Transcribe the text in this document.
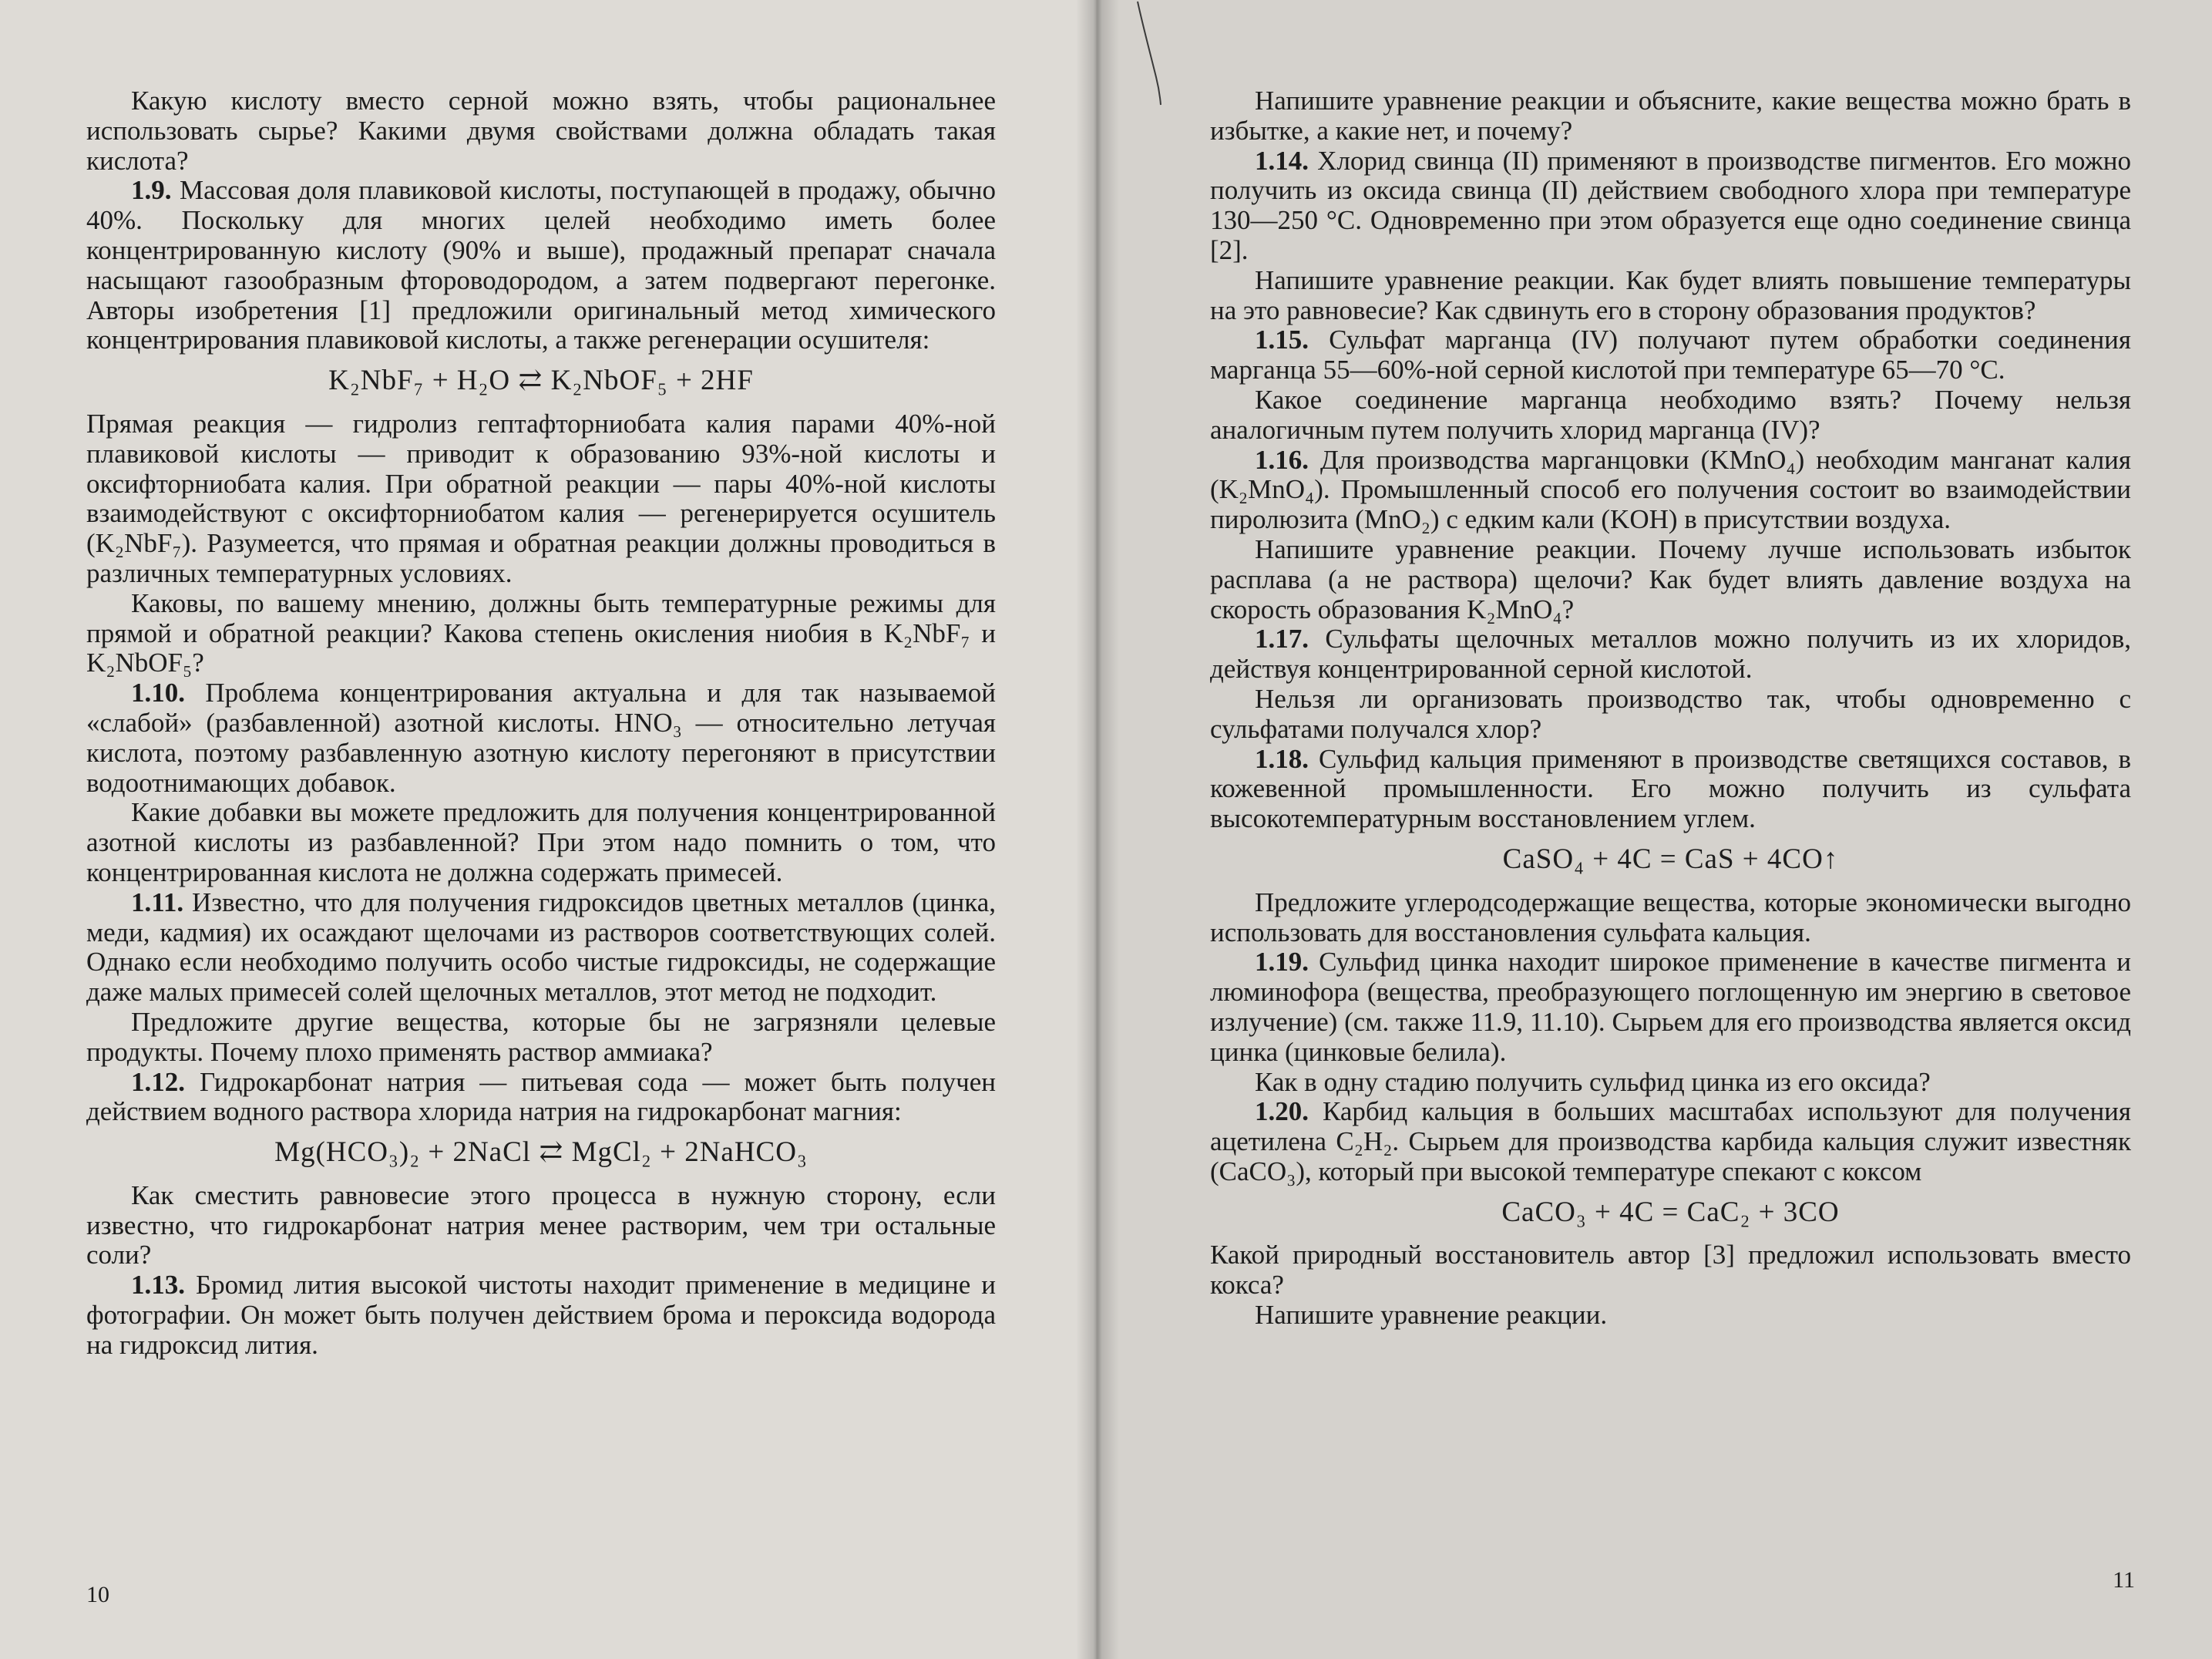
Какую кислоту вместо серной можно взять, чтобы рациональнее использовать сырье? Какими двумя свойствами должна обладать такая кислота?

1.9. Массовая доля плавиковой кислоты, поступающей в продажу, обычно 40%. Поскольку для многих целей необходимо иметь более концентрированную кислоту (90% и выше), продажный препарат сначала насыщают газообразным фтороводородом, а затем подвергают перегонке. Авторы изобретения [1] предложили оригинальный метод химического концентрирования плавиковой кислоты, а также регенерации осушителя:

K₂NbF₇ + H₂O ⇄ K₂NbOF₅ + 2HF

Прямая реакция — гидролиз гептафторниобата калия парами 40%-ной плавиковой кислоты — приводит к образованию 93%-ной кислоты и оксифторниобата калия. При обратной реакции — пары 40%-ной кислоты взаимодействуют с оксифторниобатом калия — регенерируется осушитель (K₂NbF₇). Разумеется, что прямая и обратная реакции должны проводиться в различных температурных условиях.

Каковы, по вашему мнению, должны быть температурные режимы для прямой и обратной реакции? Какова степень окисления ниобия в K₂NbF₇ и K₂NbOF₅?

1.10. Проблема концентрирования актуальна и для так называемой «слабой» (разбавленной) азотной кислоты. HNO₃ — относительно летучая кислота, поэтому разбавленную азотную кислоту перегоняют в присутствии водоотнимающих добавок.

Какие добавки вы можете предложить для получения концентрированной азотной кислоты из разбавленной? При этом надо помнить о том, что концентрированная кислота не должна содержать примесей.

1.11. Известно, что для получения гидроксидов цветных металлов (цинка, меди, кадмия) их осаждают щелочами из растворов соответствующих солей. Однако если необходимо получить особо чистые гидроксиды, не содержащие даже малых примесей солей щелочных металлов, этот метод не подходит.

Предложите другие вещества, которые бы не загрязняли целевые продукты. Почему плохо применять раствор аммиака?

1.12. Гидрокарбонат натрия — питьевая сода — может быть получен действием водного раствора хлорида натрия на гидрокарбонат магния:

Mg(HCO₃)₂ + 2NaCl ⇄ MgCl₂ + 2NaHCO₃

Как сместить равновесие этого процесса в нужную сторону, если известно, что гидрокарбонат натрия менее растворим, чем три остальные соли?

1.13. Бромид лития высокой чистоты находит применение в медицине и фотографии. Он может быть получен действием брома и пероксида водорода на гидроксид лития.

10

Напишите уравнение реакции и объясните, какие вещества можно брать в избытке, а какие нет, и почему?

1.14. Хлорид свинца (II) применяют в производстве пигментов. Его можно получить из оксида свинца (II) действием свободного хлора при температуре 130—250 °C. Одновременно при этом образуется еще одно соединение свинца [2].

Напишите уравнение реакции. Как будет влиять повышение температуры на это равновесие? Как сдвинуть его в сторону образования продуктов?

1.15. Сульфат марганца (IV) получают путем обработки соединения марганца 55—60%-ной серной кислотой при температуре 65—70 °C.

Какое соединение марганца необходимо взять? Почему нельзя аналогичным путем получить хлорид марганца (IV)?

1.16. Для производства марганцовки (KMnO₄) необходим манганат калия (K₂MnO₄). Промышленный способ его получения состоит во взаимодействии пиролюзита (MnO₂) с едким кали (KOH) в присутствии воздуха.

Напишите уравнение реакции. Почему лучше использовать избыток расплава (а не раствора) щелочи? Как будет влиять давление воздуха на скорость образования K₂MnO₄?

1.17. Сульфаты щелочных металлов можно получить из их хлоридов, действуя концентрированной серной кислотой.

Нельзя ли организовать производство так, чтобы одновременно с сульфатами получался хлор?

1.18. Сульфид кальция применяют в производстве светящихся составов, в кожевенной промышленности. Его можно получить из сульфата высокотемпературным восстановлением углем.

CaSO₄ + 4C = CaS + 4CO↑

Предложите углеродсодержащие вещества, которые экономически выгодно использовать для восстановления сульфата кальция.

1.19. Сульфид цинка находит широкое применение в качестве пигмента и люминофора (вещества, преобразующего поглощенную им энергию в световое излучение) (см. также 11.9, 11.10). Сырьем для его производства является оксид цинка (цинковые белила).

Как в одну стадию получить сульфид цинка из его оксида?

1.20. Карбид кальция в больших масштабах используют для получения ацетилена C₂H₂. Сырьем для производства карбида кальция служит известняк (CaCO₃), который при высокой температуре спекают с коксом

CaCO₃ + 4C = CaC₂ + 3CO

Какой природный восстановитель автор [3] предложил использовать вместо кокса?

Напишите уравнение реакции.

11
